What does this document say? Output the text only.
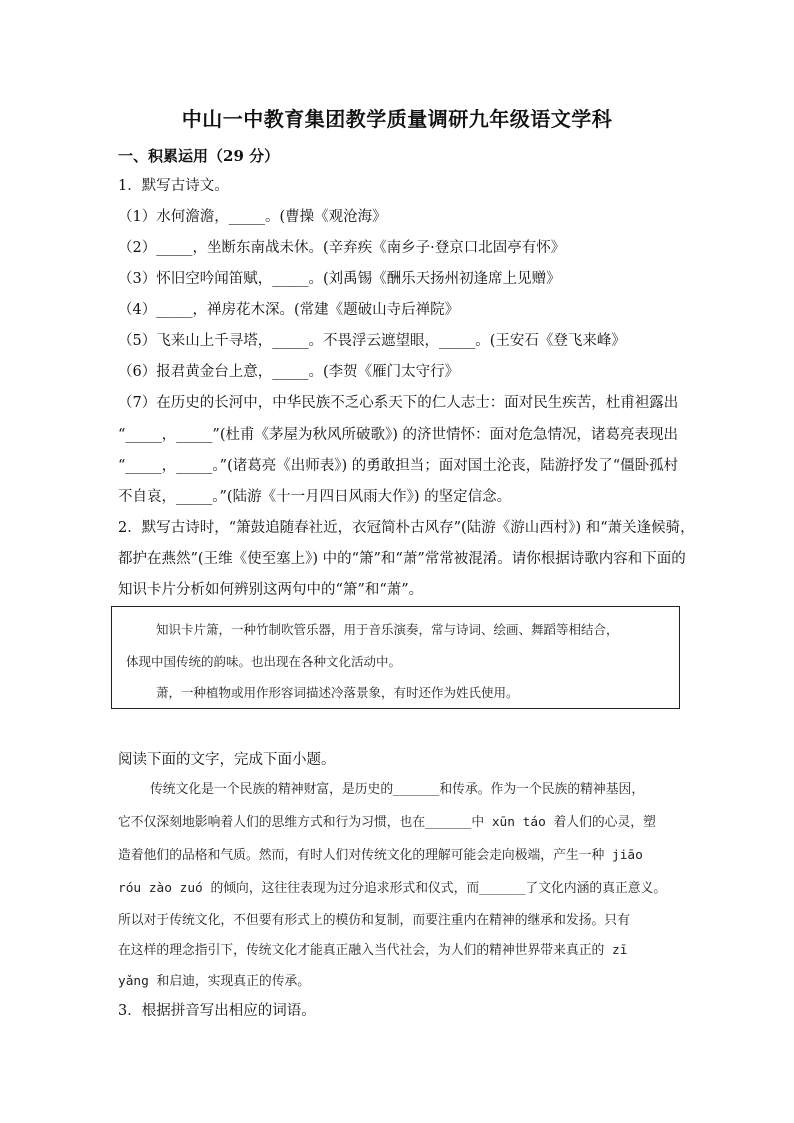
中山一中教育集团教学质量调研九年级语文学科
一、积累运用（29 分）
1．默写古诗文。
（1）水何澹澹，_____。(曹操《观沧海》
（2）_____，坐断东南战未休。(辛弃疾《南乡子·登京口北固亭有怀》
（3）怀旧空吟闻笛赋，_____。(刘禹锡《酬乐天扬州初逢席上见赠》
（4）_____，禅房花木深。(常建《题破山寺后禅院》
（5）飞来山上千寻塔，_____。不畏浮云遮望眼，_____。(王安石《登飞来峰》
（6）报君黄金台上意，_____。(李贺《雁门太守行》
（7）在历史的长河中，中华民族不乏心系天下的仁人志士：面对民生疾苦，杜甫袒露出
“_____，_____”(杜甫《茅屋为秋风所破歌》) 的济世情怀：面对危急情况，诸葛亮表现出
“_____，_____。”(诸葛亮《出师表》) 的勇敢担当；面对国土沦丧，陆游抒发了“僵卧孤村
不自哀，_____。”(陆游《十一月四日风雨大作》) 的坚定信念。
2．默写古诗时，“箫鼓追随春社近，衣冠简朴古风存”(陆游《游山西村》) 和“萧关逢候骑，
都护在燕然”(王维《使至塞上》) 中的“箫”和“萧”常常被混淆。请你根据诗歌内容和下面的
知识卡片分析如何辨别这两句中的“箫”和“萧”。
知识卡片箫，一种竹制吹管乐器，用于音乐演奏，常与诗词、绘画、舞蹈等相结合，
体现中国传统的韵味。也出现在各种文化活动中。
萧，一种植物或用作形容词描述冷落景象，有时还作为姓氏使用。
阅读下面的文字，完成下面小题。
传统文化是一个民族的精神财富，是历史的______和传承。作为一个民族的精神基因，
它不仅深刻地影响着人们的思维方式和行为习惯，也在______中 xūn táo 着人们的心灵，塑
造着他们的品格和气质。然而，有时人们对传统文化的理解可能会走向极端，产生一种 jiāo
róu zào zuó 的倾向，这往往表现为过分追求形式和仪式，而______了文化内涵的真正意义。
所以对于传统文化，不但要有形式上的模仿和复制，而要注重内在精神的继承和发扬。只有
在这样的理念指引下，传统文化才能真正融入当代社会，为人们的精神世界带来真正的 zī
yǎng 和启迪，实现真正的传承。
3．根据拼音写出相应的词语。
